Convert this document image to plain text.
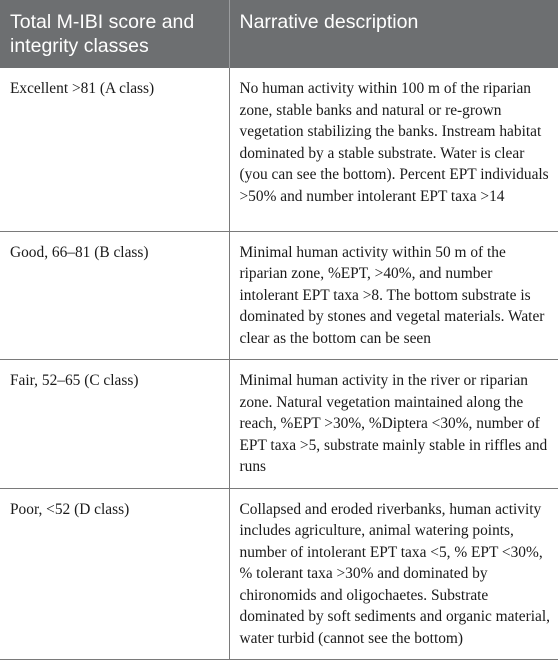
Total M-IBI score and integrity classes	Narrative description
Excellent >81 (A class)	No human activity within 100 m of the riparian zone, stable banks and natural or re-grown vegetation stabilizing the banks. Instream habitat dominated by a stable substrate. Water is clear (you can see the bottom). Percent EPT individuals >50% and number intolerant EPT taxa >14
Good, 66–81 (B class)	Minimal human activity within 50 m of the riparian zone, %EPT, >40%, and number intolerant EPT taxa >8. The bottom substrate is dominated by stones and vegetal materials. Water clear as the bottom can be seen
Fair, 52–65 (C class)	Minimal human activity in the river or riparian zone. Natural vegetation maintained along the reach, %EPT >30%, %Diptera <30%, number of EPT taxa >5, substrate mainly stable in riffles and runs
Poor, <52 (D class)	Collapsed and eroded riverbanks, human activity includes agriculture, animal watering points, number of intolerant EPT taxa <5, % EPT <30%, % tolerant taxa >30% and dominated by chironomids and oligochaetes. Substrate dominated by soft sediments and organic material, water turbid (cannot see the bottom)
